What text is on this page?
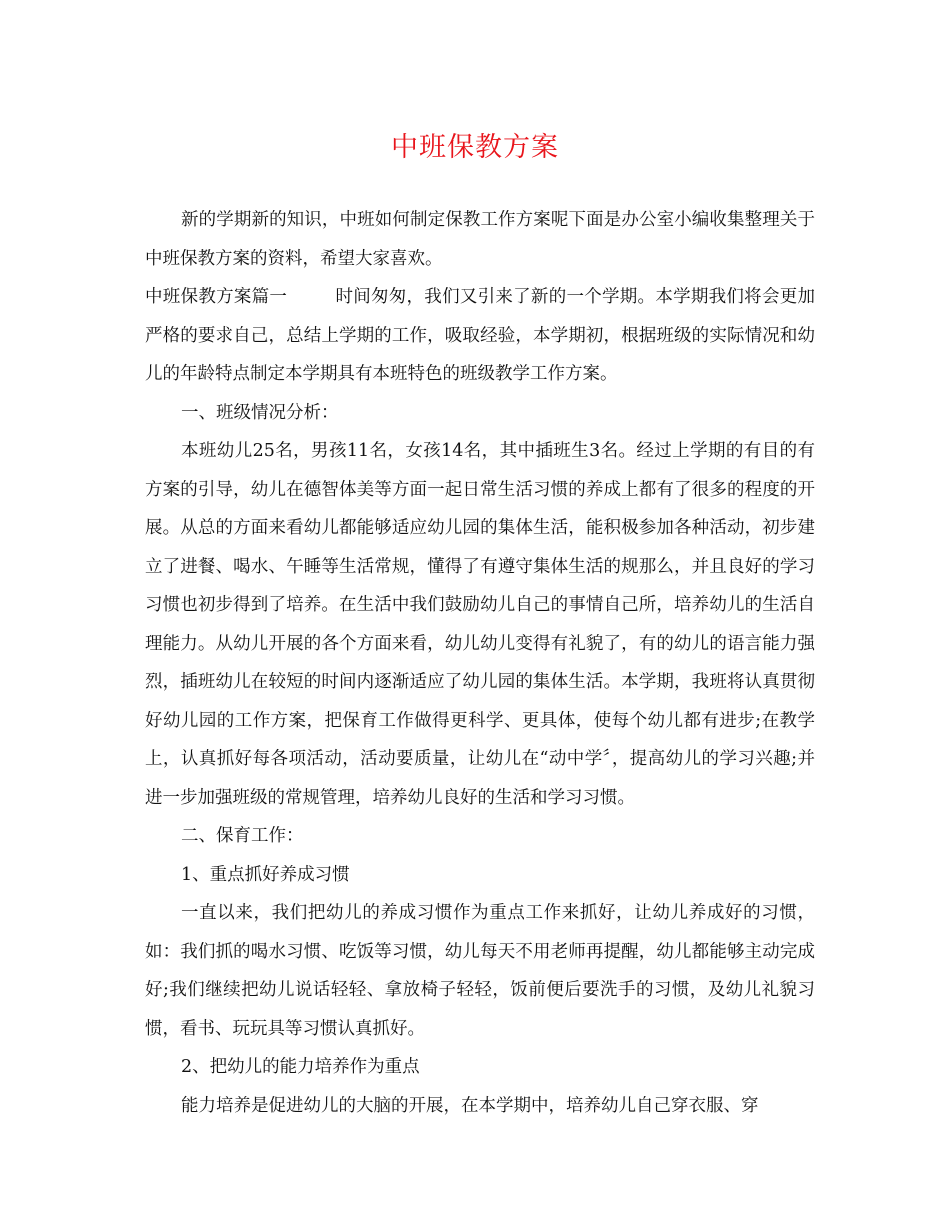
中班保教方案

新的学期新的知识，中班如何制定保教工作方案呢下面是办公室小编收集整理关于中班保教方案的资料，希望大家喜欢。

中班保教方案篇一	时间匆匆，我们又引来了新的一个学期。本学期我们将会更加严格的要求自己，总结上学期的工作，吸取经验，本学期初，根据班级的实际情况和幼儿的年龄特点制定本学期具有本班特色的班级教学工作方案。

一、班级情况分析：

本班幼儿25名，男孩11名，女孩14名，其中插班生3名。经过上学期的有目的有方案的引导，幼儿在德智体美等方面一起日常生活习惯的养成上都有了很多的程度的开展。从总的方面来看幼儿都能够适应幼儿园的集体生活，能积极参加各种活动，初步建立了进餐、喝水、午睡等生活常规，懂得了有遵守集体生活的规那么，并且良好的学习习惯也初步得到了培养。在生活中我们鼓励幼儿自己的事情自己所，培养幼儿的生活自理能力。从幼儿开展的各个方面来看，幼儿幼儿变得有礼貌了，有的幼儿的语言能力强烈，插班幼儿在较短的时间内逐渐适应了幼儿园的集体生活。本学期，我班将认真贯彻好幼儿园的工作方案，把保育工作做得更科学、更具体，使每个幼儿都有进步;在教学上，认真抓好每各项活动，活动要质量，让幼儿在“动中学〞，提高幼儿的学习兴趣;并进一步加强班级的常规管理，培养幼儿良好的生活和学习习惯。

二、保育工作：

1、重点抓好养成习惯

一直以来，我们把幼儿的养成习惯作为重点工作来抓好，让幼儿养成好的习惯，如：我们抓的喝水习惯、吃饭等习惯，幼儿每天不用老师再提醒，幼儿都能够主动完成好;我们继续把幼儿说话轻轻、拿放椅子轻轻，饭前便后要洗手的习惯，及幼儿礼貌习惯，看书、玩玩具等习惯认真抓好。

2、把幼儿的能力培养作为重点

能力培养是促进幼儿的大脑的开展，在本学期中，培养幼儿自己穿衣服、穿
